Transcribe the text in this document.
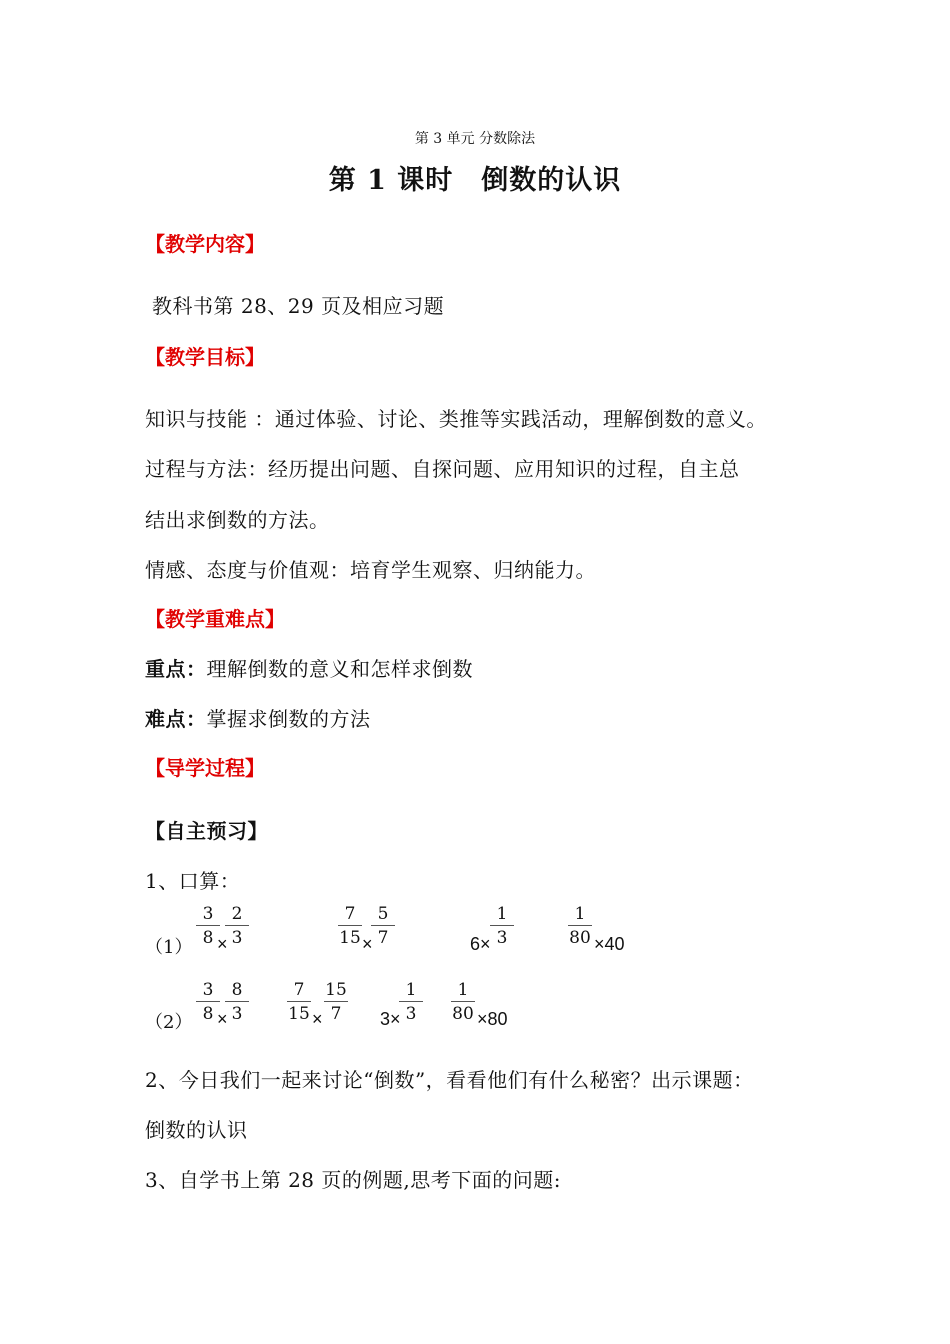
第 3 单元 分数除法
第 1 课时　倒数的认识
【教学内容】
教科书第 28、29 页及相应习题
【教学目标】
知识与技能 ：通过体验、讨论、类推等实践活动，理解倒数的意义。
过程与方法：经历提出问题、自探问题、应用知识的过程，自主总
结出求倒数的方法。
情感、态度与价值观：培育学生观察、归纳能力。
【教学重难点】
重点：理解倒数的意义和怎样求倒数
难点：掌握求倒数的方法
【导学过程】
【自主预习】
1、口算：
（1）
3
8 ×
2
3
7
15 ×
5
7	6×
1
3
1
80 ×40
（2）
3
8 ×
8
3
7
15 ×
15
7	3×
1
3
1
80 ×80
2、今日我们一起来讨论“倒数”，看看他们有什么秘密？出示课题：
倒数的认识
3、自学书上第 28 页的例题,思考下面的问题:
